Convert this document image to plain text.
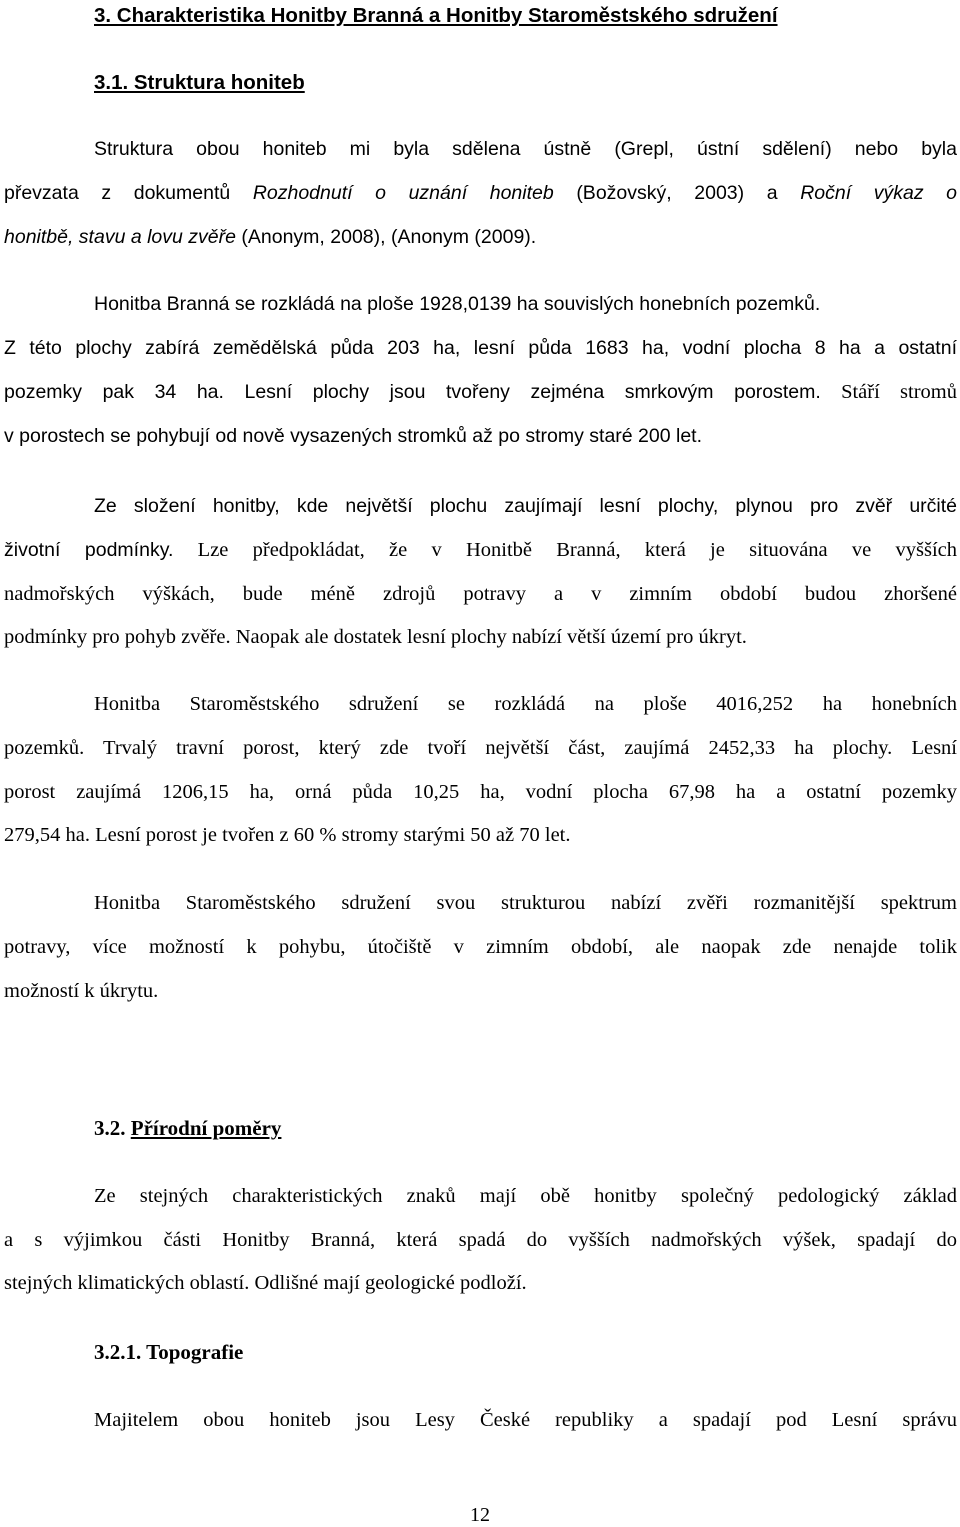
3. Charakteristika Honitby Branná a Honitby Staroměstského sdružení
3.1. Struktura honiteb
Struktura obou honiteb mi byla sdělena ústně (Grepl, ústní sdělení) nebo byla
převzata z dokumentů Rozhodnutí o uznání honiteb (Božovský, 2003) a Roční výkaz o
honitbě, stavu a lovu zvěře (Anonym, 2008), (Anonym (2009).
Honitba Branná se rozkládá na ploše 1928,0139 ha souvislých honebních pozemků.
Z této plochy zabírá zemědělská půda 203 ha, lesní půda 1683 ha, vodní plocha 8 ha a ostatní
pozemky pak 34 ha. Lesní plochy jsou tvořeny zejména smrkovým porostem. Stáří stromů
v porostech se pohybují od nově vysazených stromků až po stromy staré 200 let.
Ze složení honitby, kde největší plochu zaujímají lesní plochy, plynou pro zvěř určité
životní podmínky. Lze předpokládat, že v Honitbě Branná, která je situována ve vyšších
nadmořských výškách, bude méně zdrojů potravy a v zimním období budou zhoršené
podmínky pro pohyb zvěře. Naopak ale dostatek lesní plochy nabízí větší území pro úkryt.
Honitba Staroměstského sdružení se rozkládá na ploše 4016,252 ha honebních
pozemků. Trvalý travní porost, který zde tvoří největší část, zaujímá 2452,33 ha plochy. Lesní
porost zaujímá 1206,15 ha, orná půda 10,25 ha, vodní plocha 67,98 ha a ostatní pozemky
279,54 ha. Lesní porost je tvořen z 60 % stromy starými 50 až 70 let.
Honitba Staroměstského sdružení svou strukturou nabízí zvěři rozmanitější spektrum
potravy, více možností k pohybu, útočiště v zimním období, ale naopak zde nenajde tolik
možností k úkrytu.
3.2. Přírodní poměry
Ze stejných charakteristických znaků mají obě honitby společný pedologický základ
a s výjimkou části Honitby Branná, která spadá do vyšších nadmořských výšek, spadají do
stejných klimatických oblastí. Odlišné mají geologické podloží.
3.2.1. Topografie
Majitelem obou honiteb jsou Lesy České republiky a spadají pod Lesní správu
12
